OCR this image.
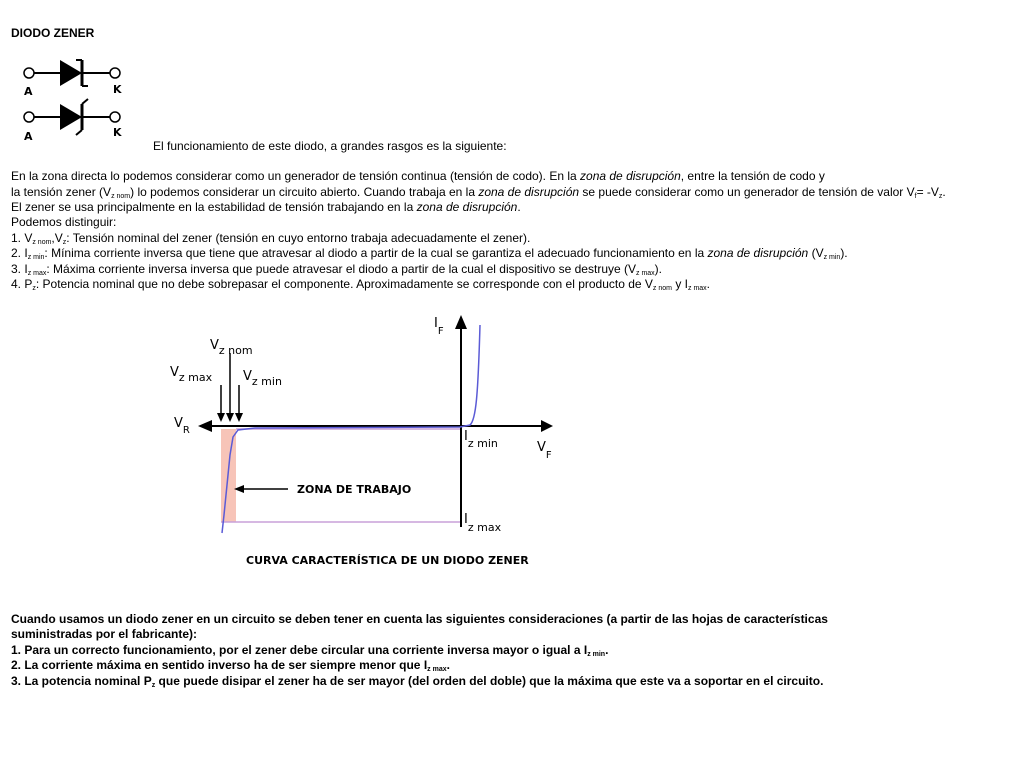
DIODO ZENER
A	K
A	K
El funcionamiento de este diodo, a grandes rasgos es la siguiente:
En la zona directa lo podemos considerar como un generador de tensión continua (tensión de codo). En la zona de disrupción, entre la tensión de codo y
la tensión zener $(V_{z nom})$ lo podemos considerar un circuito abierto. Cuando trabaja en la zona de disrupción se puede considerar como un generador de tensión de valor $V_f= -V_z$.
El zener se usa principalmente en la estabilidad de tensión trabajando en la zona de disrupción.
Podemos distinguir:
1. $V_{z nom},V_z$: Tensión nominal del zener (tensión en cuyo entorno trabaja adecuadamente el zener).
2. $I_{z min}$: Mínima corriente inversa que tiene que atravesar al diodo a partir de la cual se garantiza el adecuado funcionamiento en la zona de disrupción $(V_{z min})$.
3. $I_{z max}$: Máxima corriente inversa inversa que puede atravesar el diodo a partir de la cual el dispositivo se destruye $(V_{z max})$.
4. $P_z$: Potencia nominal que no debe sobrepasar el componente. Aproximadamente se corresponde con el producto de $V_{z nom}$ y $I_{z max}$.
$I_F$
$V_F$
$V_R$
$V_{z nom}$
$V_{z max}$ $V_{z min}$
$I_{z min}$
$I_{z max}$
ZONA DE TRABAJO
CURVA CARACTERÍSTICA DE UN DIODO ZENER
Cuando usamos un diodo zener en un circuito se deben tener en cuenta las siguientes consideraciones (a partir de las hojas de características
suministradas por el fabricante):
1. Para un correcto funcionamiento, por el zener debe circular una corriente inversa mayor o igual a $I_{z min}$.
2. La corriente máxima en sentido inverso ha de ser siempre menor que $I_{z max}$.
3. La potencia nominal $P_z$ que puede disipar el zener ha de ser mayor (del orden del doble) que la máxima que este va a soportar en el circuito.
